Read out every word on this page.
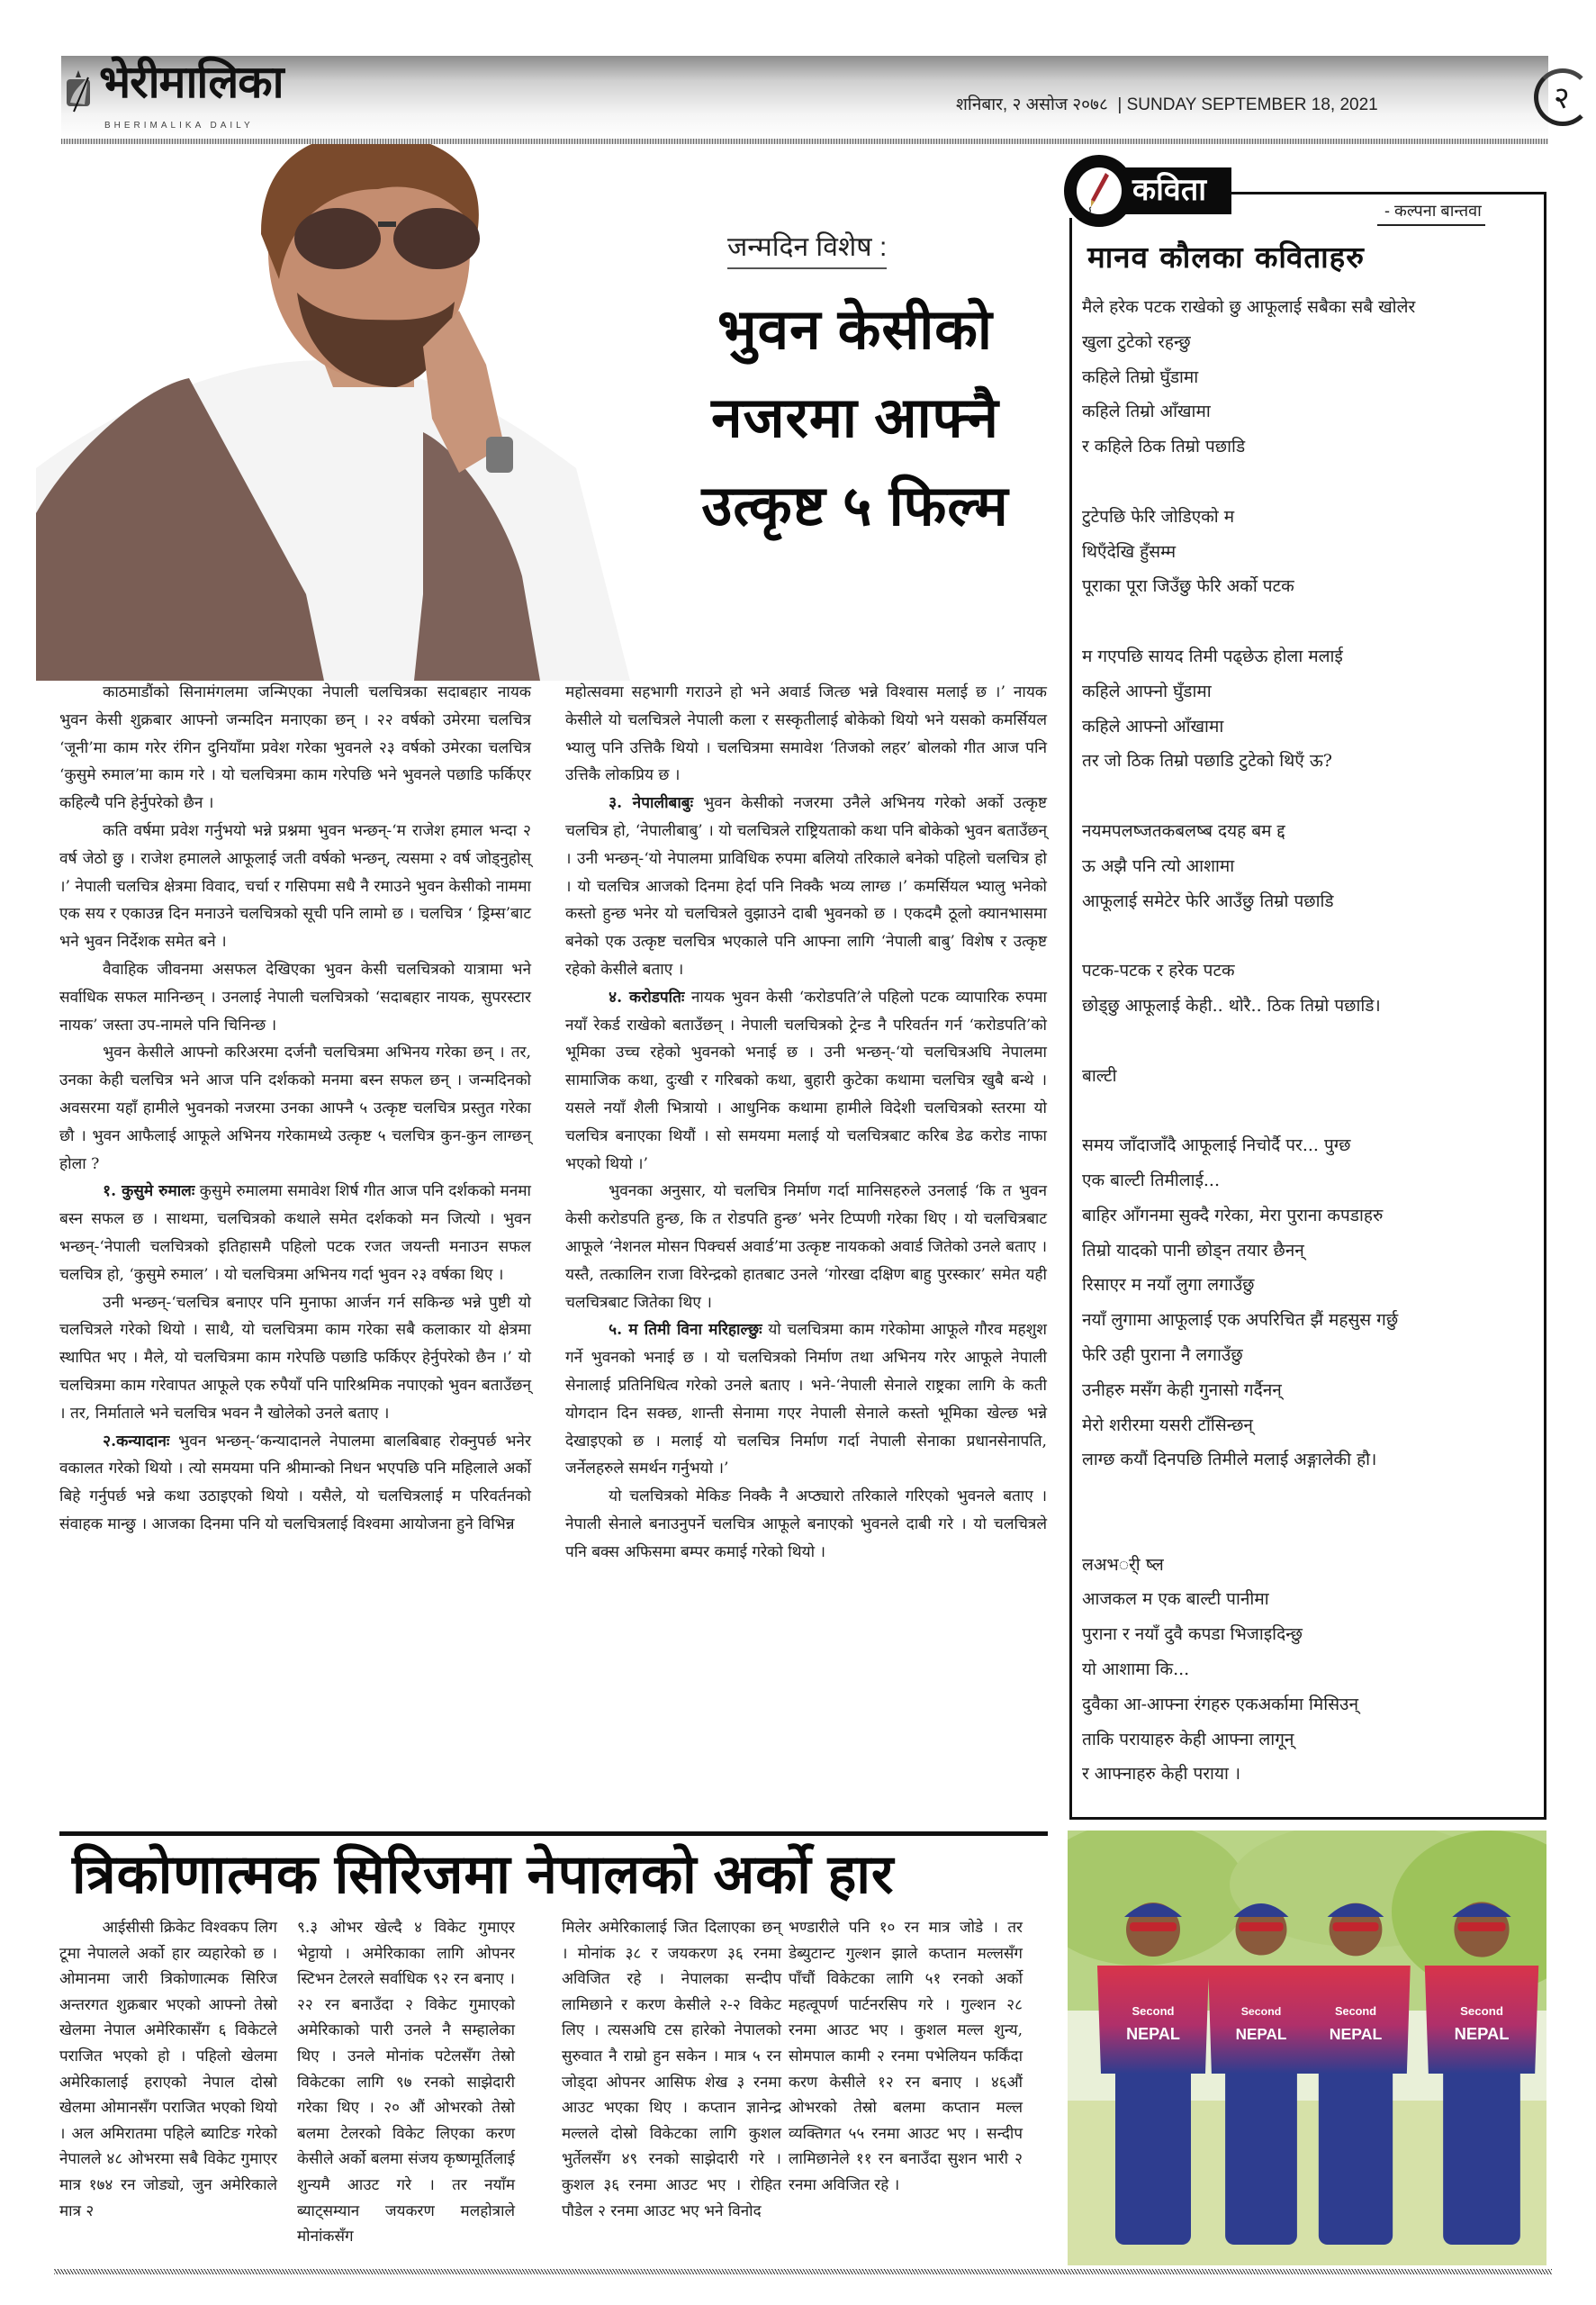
भेरीमालिका
BHERIMALIKA DAILY
शनिबार, २ असोज २०७८ | SUNDAY SEPTEMBER 18, 2021	२
जन्मदिन विशेष :
भुवन केसीको
नजरमा आफ्नै
उत्कृष्ट ५ फिल्म

काठमाडौंको सिनामंगलमा जन्मिएका नेपाली चलचित्रका सदाबहार नायक भुवन केसी शुक्रबार आफ्नो जन्मदिन मनाएका छन् । २२ वर्षको उमेरमा चलचित्र ‘जूनी’मा काम गरेर रंगिन दुनियाँमा प्रवेश गरेका भुवनले २३ वर्षको उमेरका चलचित्र ‘कुसुमे रुमाल’मा काम गरे । यो चलचित्रमा काम गरेपछि भने भुवनले पछाडि फर्किएर कहिल्यै पनि हेर्नुपरेको छैन ।

कति वर्षमा प्रवेश गर्नुभयो भन्ने प्रश्नमा भुवन भन्छन्-‘म राजेश हमाल भन्दा २ वर्ष जेठो छु । राजेश हमालले आफूलाई जती वर्षको भन्छन्, त्यसमा २ वर्ष जोड्नुहोस् ।’ नेपाली चलचित्र क्षेत्रमा विवाद, चर्चा र गसिपमा सधै नै रमाउने भुवन केसीको नाममा एक सय र एकाउन्न दिन मनाउने चलचित्रको सूची पनि लामो छ । चलचित्र ‘ ड्रिम्स’बाट भने भुवन निर्देशक समेत बने ।

वैवाहिक जीवनमा असफल देखिएका भुवन केसी चलचित्रको यात्रामा भने सर्वाधिक सफल मानिन्छन् । उनलाई नेपाली चलचित्रको ‘सदाबहार नायक, सुपरस्टार नायक’ जस्ता उप-नामले पनि चिनिन्छ ।

भुवन केसीले आफ्नो करिअरमा दर्जनौ चलचित्रमा अभिनय गरेका छन् । तर, उनका केही चलचित्र भने आज पनि दर्शकको मनमा बस्न सफल छन् । जन्मदिनको अवसरमा यहाँ हामीले भुवनको नजरमा उनका आफ्नै ५ उत्कृष्ट चलचित्र प्रस्तुत गरेका छौ । भुवन आफैलाई आफूले अभिनय गरेकामध्ये उत्कृष्ट ५ चलचित्र कुन-कुन लाग्छन् होला ?

१. कुसुमे रुमालः कुसुमे रुमालमा समावेश शिर्ष गीत आज पनि दर्शकको मनमा बस्न सफल छ । साथमा, चलचित्रको कथाले समेत दर्शकको मन जित्यो । भुवन भन्छन्-‘नेपाली चलचित्रको इतिहासमै पहिलो पटक रजत जयन्ती मनाउन सफल चलचित्र हो, ‘कुसुमे रुमाल’ । यो चलचित्रमा अभिनय गर्दा भुवन २३ वर्षका थिए ।

उनी भन्छन्-‘चलचित्र बनाएर पनि मुनाफा आर्जन गर्न सकिन्छ भन्ने पुष्टी यो चलचित्रले गरेको थियो । साथै, यो चलचित्रमा काम गरेका सबै कलाकार यो क्षेत्रमा स्थापित भए । मैले, यो चलचित्रमा काम गरेपछि पछाडि फर्किएर हेर्नुपरेको छैन ।’ यो चलचित्रमा काम गरेवापत आफूले एक रुपैयाँ पनि पारिश्रमिक नपाएको भुवन बताउँछन् । तर, निर्माताले भने चलचित्र भवन नै खोलेको उनले बताए ।

२.कन्यादानः भुवन भन्छन्-‘कन्यादानले नेपालमा बालबिबाह रोक्नुपर्छ भनेर वकालत गरेको थियो । त्यो समयमा पनि श्रीमान्को निधन भएपछि पनि महिलाले अर्को बिहे गर्नुपर्छ भन्ने कथा उठाइएको थियो । यसैले, यो चलचित्रलाई म परिवर्तनको संवाहक मान्छु । आजका दिनमा पनि यो चलचित्रलाई विश्वमा आयोजना हुने विभिन्न

महोत्सवमा सहभागी गराउने हो भने अवार्ड जित्छ भन्ने विश्वास मलाई छ ।’ नायक केसीले यो चलचित्रले नेपाली कला र सस्कृतीलाई बोकेको थियो भने यसको कमर्सियल भ्यालु पनि उत्तिकै थियो । चलचित्रमा समावेश ‘तिजको लहर’ बोलको गीत आज पनि उत्तिकै लोकप्रिय छ ।

३. नेपालीबाबुः भुवन केसीको नजरमा उनैले अभिनय गरेको अर्को उत्कृष्ट चलचित्र हो, ‘नेपालीबाबु’ । यो चलचित्रले राष्ट्रियताको कथा पनि बोकेको भुवन बताउँछन् । उनी भन्छन्-‘यो नेपालमा प्राविधिक रुपमा बलियो तरिकाले बनेको पहिलो चलचित्र हो । यो चलचित्र आजको दिनमा हेर्दा पनि निक्कै भव्य लाग्छ ।’ कमर्सियल भ्यालु भनेको कस्तो हुन्छ भनेर यो चलचित्रले वुझाउने दाबी भुवनको छ । एकदमै ठूलो क्यानभासमा बनेको एक उत्कृष्ट चलचित्र भएकाले पनि आफ्ना लागि ‘नेपाली बाबु’ विशेष र उत्कृष्ट रहेको केसीले बताए ।

४. करोडपतिः नायक भुवन केसी ‘करोडपति’ले पहिलो पटक व्यापारिक रुपमा नयाँ रेकर्ड राखेको बताउँछन् । नेपाली चलचित्रको ट्रेन्ड नै परिवर्तन गर्न ‘करोडपति’को भूमिका उच्च रहेको भुवनको भनाई छ । उनी भन्छन्-‘यो चलचित्रअघि नेपालमा सामाजिक कथा, दुःखी र गरिबको कथा, बुहारी कुटेका कथामा चलचित्र खुबै बन्थे । यसले नयाँ शैली भित्रायो । आधुनिक कथामा हामीले विदेशी चलचित्रको स्तरमा यो चलचित्र बनाएका थियौं । सो समयमा मलाई यो चलचित्रबाट करिब डेढ करोड नाफा भएको थियो ।’

भुवनका अनुसार, यो चलचित्र निर्माण गर्दा मानिसहरुले उनलाई ‘कि त भुवन केसी करोडपति हुन्छ, कि त रोडपति हुन्छ’ भनेर टिप्पणी गरेका थिए । यो चलचित्रबाट आफूले ‘नेशनल मोसन पिक्चर्स अवार्ड’मा उत्कृष्ट नायकको अवार्ड जितेको उनले बताए । यस्तै, तत्कालिन राजा विरेन्द्रको हातबाट उनले ‘गोरखा दक्षिण बाहु पुरस्कार’ समेत यही चलचित्रबाट जितेका थिए ।

५. म तिमी विना मरिहाल्छुः यो चलचित्रमा काम गरेकोमा आफूले गौरव महशुश गर्ने भुवनको भनाई छ । यो चलचित्रको निर्माण तथा अभिनय गरेर आफूले नेपाली सेनालाई प्रतिनिधित्व गरेको उनले बताए । भने-‘नेपाली सेनाले राष्ट्रका लागि के कती योगदान दिन सक्छ, शान्ती सेनामा गएर नेपाली सेनाले कस्तो भूमिका खेल्छ भन्ने देखाइएको छ । मलाई यो चलचित्र निर्माण गर्दा नेपाली सेनाका प्रधानसेनापति, जर्नेलहरुले समर्थन गर्नुभयो ।’

यो चलचित्रको मेकिङ निक्कै नै अप्ठ्यारो तरिकाले गरिएको भुवनले बताए । नेपाली सेनाले बनाउनुपर्ने चलचित्र आफूले बनाएको भुवनले दाबी गरे । यो चलचित्रले पनि बक्स अफिसमा बम्पर कमाई गरेको थियो ।

कविता
- कल्पना बान्तवा
मानव कौलका कविताहरु
मैले हरेक पटक राखेको छु आफूलाई सबैका सबै खोलेर
खुला टुटेको रहन्छु
कहिले तिम्रो घुँडामा
कहिले तिम्रो आँखामा
र कहिले ठिक तिम्रो पछाडि
टुटेपछि फेरि जोडिएको म
थिएँदेखि हुँसम्म
पूराका पूरा जिउँछु फेरि अर्को पटक
म गएपछि सायद तिमी पढ्छेऊ होला मलाई
कहिले आफ्नो घुँडामा
कहिले आफ्नो आँखामा
तर जो ठिक तिम्रो पछाडि टुटेको थिएँ ऊ?
नयमपलष्जतकबलष्ब दयह बम द्द
ऊ अझै पनि त्यो आशामा
आफूलाई समेटेर फेरि आउँछु तिम्रो पछाडि
पटक-पटक र हरेक पटक
छोड्छु आफूलाई केही.. थोरै.. ठिक तिम्रो पछाडि।
बाल्टी
समय जाँदाजाँदै आफूलाई निचोर्दै पर... पुग्छ
एक बाल्टी तिमीलाई...
बाहिर आँगनमा सुक्दै गरेका, मेरा पुराना कपडाहरु
तिम्रो यादको पानी छोड्न तयार छैनन्
रिसाएर म नयाँ लुगा लगाउँछु
नयाँ लुगामा आफूलाई एक अपरिचित झैं महसुस गर्छु
फेरि उही पुराना नै लगाउँछु
उनीहरु मसँग केही गुनासो गर्दैनन्
मेरो शरीरमा यसरी टाँसिन्छन्
लाग्छ कयौं दिनपछि तिमीले मलाई अङ्गालेकी हौ।
लअभर्ी ष्ल
आजकल म एक बाल्टी पानीमा
पुराना र नयाँ दुवै कपडा भिजाइदिन्छु
यो आशामा कि...
दुवैका आ-आफ्ना रंगहरु एकअर्कामा मिसिउन्
ताकि परायाहरु केही आफ्ना लागून्
र आफ्नाहरु केही पराया ।
त्रिकोणात्मक सिरिजमा नेपालको अर्को हार

आईसीसी क्रिकेट विश्वकप लिग टूमा नेपालले अर्को हार व्यहारेको छ । ओमानमा जारी त्रिकोणात्मक सिरिज अन्तरगत शुक्रबार भएको आफ्नो तेस्रो खेलमा नेपाल अमेरिकासँग ६ विकेटले पराजित भएको हो । पहिलो खेलमा अमेरिकालाई हराएको नेपाल दोस्रो खेलमा ओमानसँग पराजित भएको थियो । अल अमिरातमा पहिले ब्याटिङ गरेको नेपालले ४८ ओभरमा सबै विकेट गुमाएर मात्र १७४ रन जोड्यो, जुन अमेरिकाले मात्र २

९.३ ओभर खेल्दै ४ विकेट गुमाएर भेट्टायो । अमेरिकाका लागि ओपनर स्टिभन टेलरले सर्वाधिक ९२ रन बनाए । २२ रन बनाउँदा २ विकेट गुमाएको अमेरिकाको पारी उनले नै सम्हालेका थिए । उनले मोनांक पटेलसँग तेस्रो विकेटका लागि ९७ रनको साझेदारी गरेका थिए । २० औं ओभरको तेस्रो बलमा टेलरको विकेट लिएका करण केसीले अर्को बलमा संजय कृष्णमूर्तिलाई शुन्यमै आउट गरे । तर नयाँम ब्याट्सम्यान जयकरण मलहोत्राले मोनांकसँग

मिलेर अमेरिकालाई जित दिलाएका छन् । मोनांक ३८ र जयकरण ३६ रनमा अविजित रहे । नेपालका सन्दीप लामिछाने र करण केसीले २-२ विकेट लिए । त्यसअघि टस हारेको नेपालको सुरुवात नै राम्रो हुन सकेन । मात्र ५ रन जोड्दा ओपनर आसिफ शेख ३ रनमा आउट भएका थिए । कप्तान ज्ञानेन्द्र मल्लले दोस्रो विकेटका लागि कुशल भुर्तेलसँग ४९ रनको साझेदारी गरे । कुशल ३६ रनमा आउट भए । रोहित पौडेल २ रनमा आउट भए भने विनोद

भण्डारीले पनि १० रन मात्र जोडे । तर डेब्युटान्ट गुल्शन झाले कप्तान मल्लसँग पाँचौं विकेटका लागि ५१ रनको अर्को महत्वूपर्ण पार्टनरसिप गरे । गुल्शन २८ रनमा आउट भए । कुशल मल्ल शुन्य, सोमपाल कामी २ रनमा पभेलियन फर्किंदा करण केसीले १२ रन बनाए । ४६औं ओभरको तेस्रो बलमा कप्तान मल्ल व्यक्तिगत ५५ रनमा आउट भए । सन्दीप लामिछानेले ११ रन बनाउँदा सुशन भारी २ रनमा अविजित रहे ।

NEPAL
Second
NEPAL
Second
NEPAL
Second
NEPAL
Second
